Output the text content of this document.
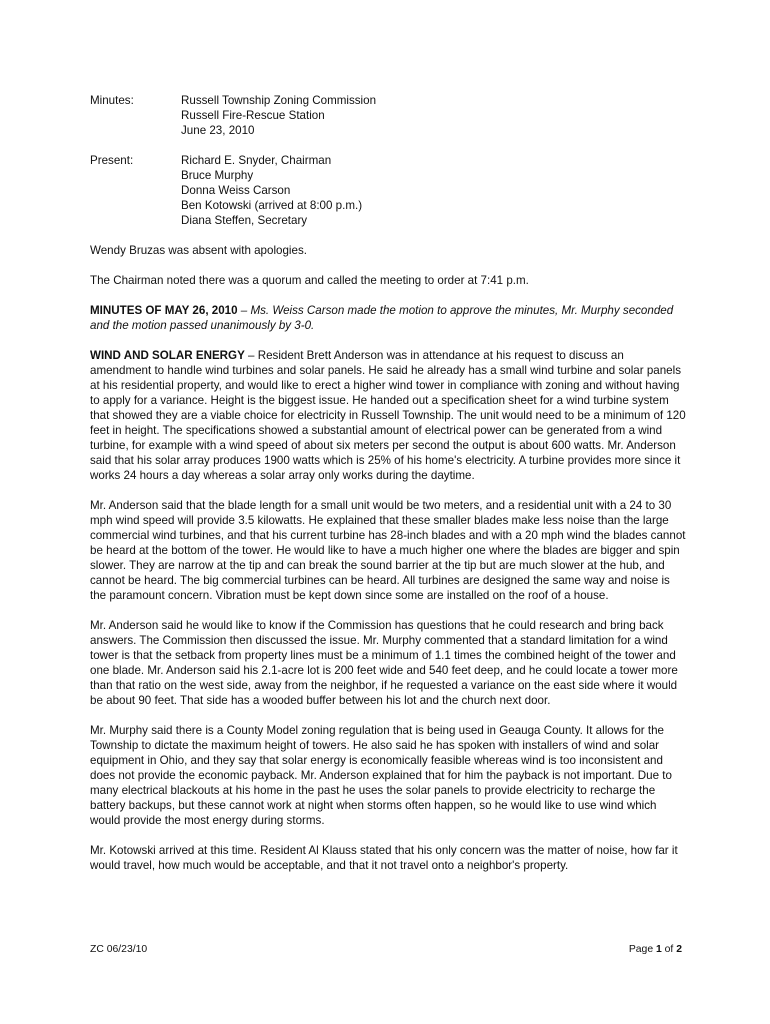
Minutes:	Russell Township Zoning Commission
Russell Fire-Rescue Station
June 23, 2010
Present:	Richard E. Snyder, Chairman
Bruce Murphy
Donna Weiss Carson
Ben Kotowski (arrived at 8:00 p.m.)
Diana Steffen, Secretary

Wendy Bruzas was absent with apologies.

The Chairman noted there was a quorum and called the meeting to order at 7:41 p.m.

MINUTES OF MAY 26, 2010 – Ms. Weiss Carson made the motion to approve the minutes, Mr. Murphy seconded and the motion passed unanimously by 3-0.

WIND AND SOLAR ENERGY – Resident Brett Anderson was in attendance at his request to discuss an amendment to handle wind turbines and solar panels. He said he already has a small wind turbine and solar panels at his residential property, and would like to erect a higher wind tower in compliance with zoning and without having to apply for a variance. Height is the biggest issue. He handed out a specification sheet for a wind turbine system that showed they are a viable choice for electricity in Russell Township. The unit would need to be a minimum of 120 feet in height. The specifications showed a substantial amount of electrical power can be generated from a wind turbine, for example with a wind speed of about six meters per second the output is about 600 watts. Mr. Anderson said that his solar array produces 1900 watts which is 25% of his home's electricity. A turbine provides more since it works 24 hours a day whereas a solar array only works during the daytime.

Mr. Anderson said that the blade length for a small unit would be two meters, and a residential unit with a 24 to 30 mph wind speed will provide 3.5 kilowatts. He explained that these smaller blades make less noise than the large commercial wind turbines, and that his current turbine has 28-inch blades and with a 20 mph wind the blades cannot be heard at the bottom of the tower. He would like to have a much higher one where the blades are bigger and spin slower. They are narrow at the tip and can break the sound barrier at the tip but are much slower at the hub, and cannot be heard. The big commercial turbines can be heard. All turbines are designed the same way and noise is the paramount concern. Vibration must be kept down since some are installed on the roof of a house.

Mr. Anderson said he would like to know if the Commission has questions that he could research and bring back answers. The Commission then discussed the issue. Mr. Murphy commented that a standard limitation for a wind tower is that the setback from property lines must be a minimum of 1.1 times the combined height of the tower and one blade. Mr. Anderson said his 2.1-acre lot is 200 feet wide and 540 feet deep, and he could locate a tower more than that ratio on the west side, away from the neighbor, if he requested a variance on the east side where it would be about 90 feet. That side has a wooded buffer between his lot and the church next door.

Mr. Murphy said there is a County Model zoning regulation that is being used in Geauga County. It allows for the Township to dictate the maximum height of towers. He also said he has spoken with installers of wind and solar equipment in Ohio, and they say that solar energy is economically feasible whereas wind is too inconsistent and does not provide the economic payback. Mr. Anderson explained that for him the payback is not important. Due to many electrical blackouts at his home in the past he uses the solar panels to provide electricity to recharge the battery backups, but these cannot work at night when storms often happen, so he would like to use wind which would provide the most energy during storms.

Mr. Kotowski arrived at this time. Resident Al Klauss stated that his only concern was the matter of noise, how far it would travel, how much would be acceptable, and that it not travel onto a neighbor's property.

ZC 06/23/10	Page 1 of 2
